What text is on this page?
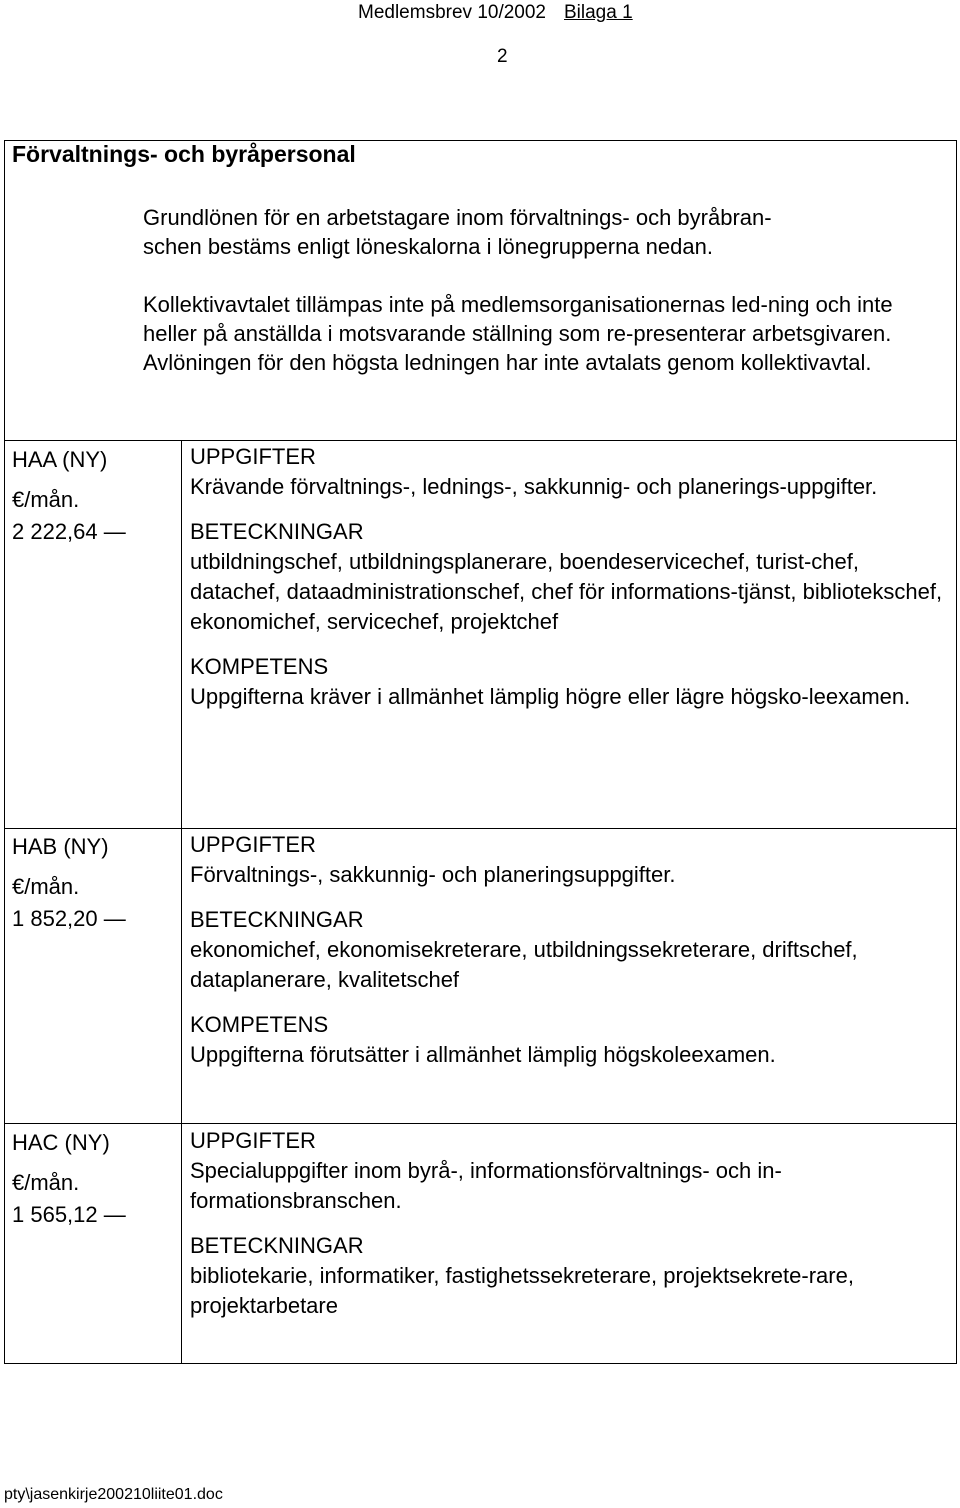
Medlemsbrev 10/2002 Bilaga 1
2
Förvaltnings- och byråpersonal

Grundlönen för en arbetstagare inom förvaltnings- och byråbran-schen bestäms enligt löneskalorna i lönegrupperna nedan.

Kollektivavtalet tillämpas inte på medlemsorganisationernas led-ning och inte heller på anställda i motsvarande ställning som re-presenterar arbetsgivaren. Avlöningen för den högsta ledningen har inte avtalats genom kollektivavtal.

HAA (NY)
€/mån.
2 222,64 —
UPPGIFTER
Krävande förvaltnings-, lednings-, sakkunnig- och planerings-uppgifter.
BETECKNINGAR
utbildningschef, utbildningsplanerare, boendeservicechef, turist-chef, datachef, dataadministrationschef, chef för informations-tjänst, bibliotekschef, ekonomichef, servicechef, projektchef
KOMPETENS
Uppgifterna kräver i allmänhet lämplig högre eller lägre högsko-leexamen.
HAB (NY)
€/mån.
1 852,20 —
UPPGIFTER
Förvaltnings-, sakkunnig- och planeringsuppgifter.
BETECKNINGAR
ekonomichef, ekonomisekreterare, utbildningssekreterare, driftschef, dataplanerare, kvalitetschef
KOMPETENS
Uppgifterna förutsätter i allmänhet lämplig högskoleexamen.
HAC (NY)
€/mån.
1 565,12 —
UPPGIFTER
Specialuppgifter inom byrå-, informationsförvaltnings- och in-formationsbranschen.
BETECKNINGAR
bibliotekarie, informatiker, fastighetssekreterare, projektsekrete-rare, projektarbetare
pty\jasenkirje200210liite01.doc
